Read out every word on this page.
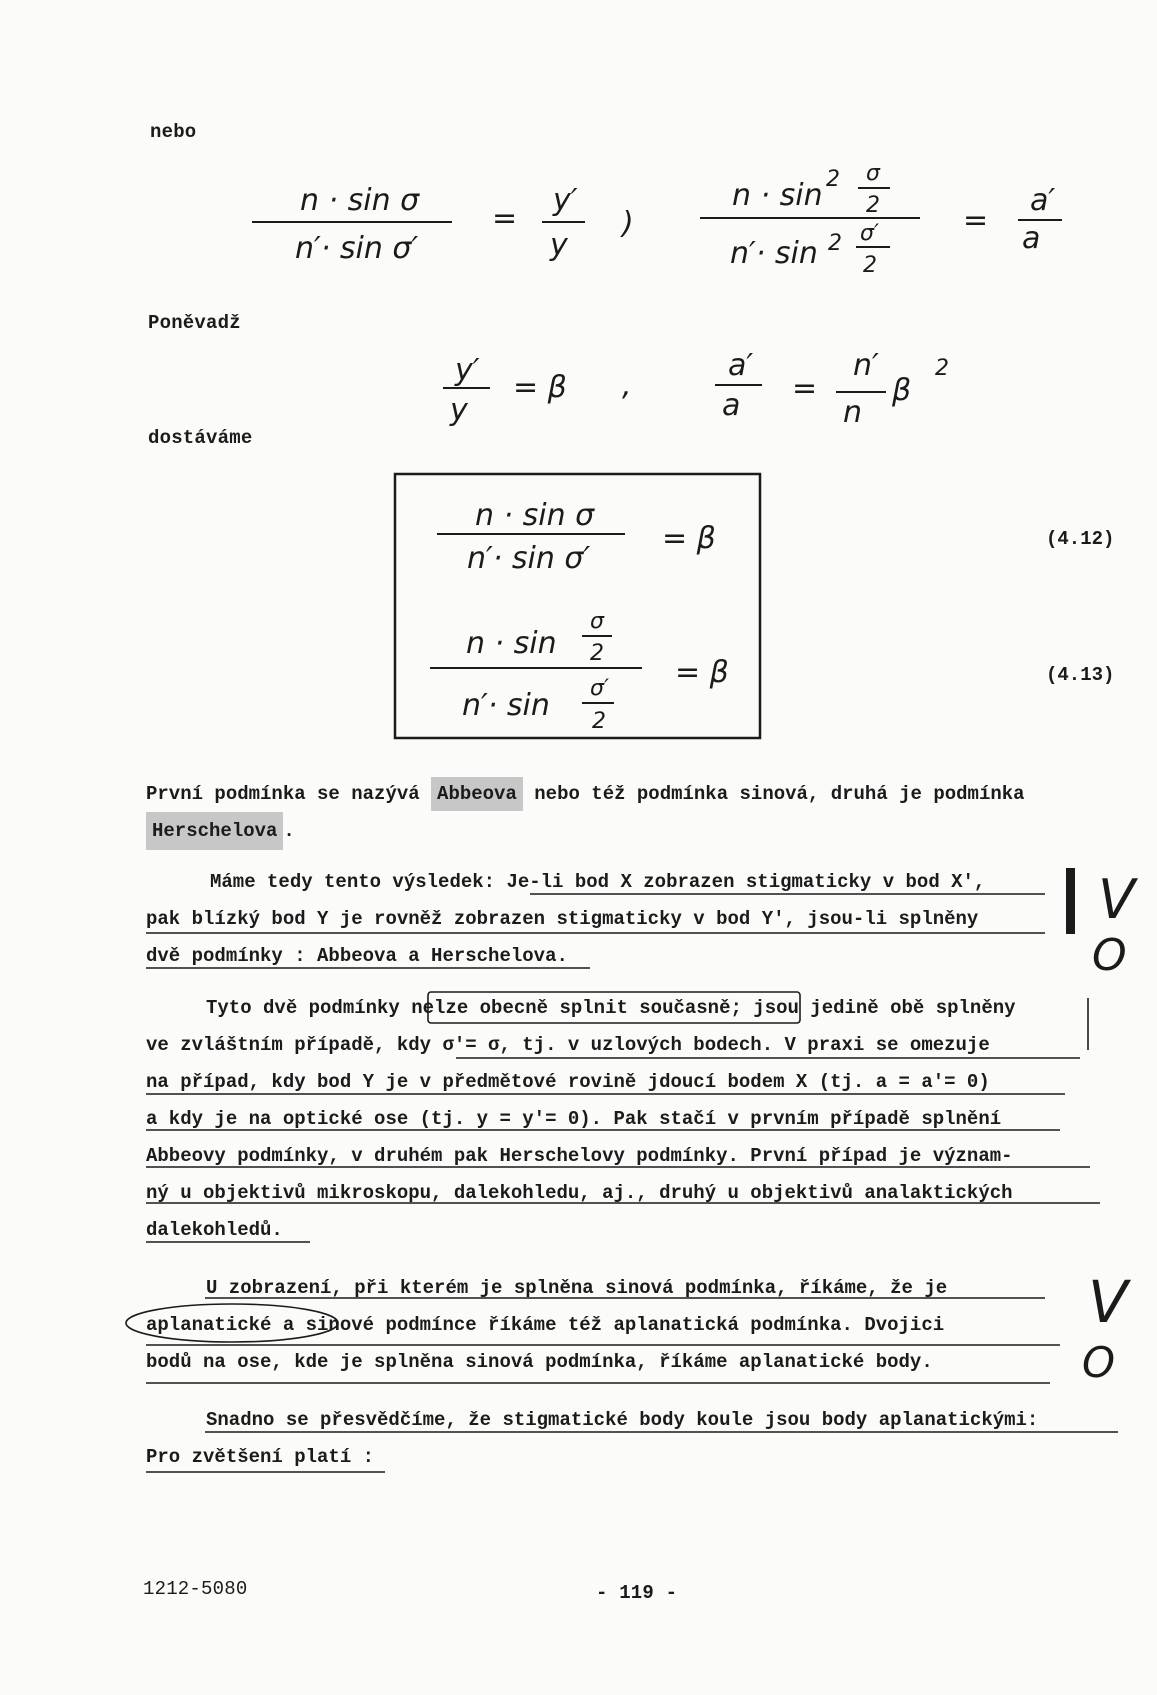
n · sin σ
n′· sin σ′
=
y′
y
)
n · sin 2 σ
2
n′· sin 2 σ′
2
=
a′
a
y′
y
= β ,
a′
a =
n′
n
β
2
n · sin σ
n′· sin σ′
= β
n · sin
σ
2
n′· sin σ′
2
= β
nebo
Poněvadž
dostáváme
(4.12)
(4.13)
První podmínka se nazývá Abbeova nebo též podmínka sinová, druhá je podmínka
Herschelova .
Máme tedy tento výsledek: Je-li bod X zobrazen stigmaticky v bod X′,
pak blízký bod Y je rovněž zobrazen stigmaticky v bod Y′, jsou-li splněny
dvě podmínky : Abbeova a Herschelova.
Tyto dvě podmínky nelze obecně splnit současně; jsou jedině obě splněny
ve zvláštním případě, kdy σ′= σ, tj. v uzlových bodech. V praxi se omezuje
na případ, kdy bod Y je v předmětové rovině jdoucí bodem X (tj. a = a′= 0)
a kdy je na optické ose (tj. y = y′= 0). Pak stačí v prvním případě splnění
Abbeovy podmínky, v druhém pak Herschelovy podmínky. První případ je význam-
ný u objektivů mikroskopu, dalekohledu, aj., druhý u objektivů analaktických
dalekohledů.
U zobrazení, při kterém je splněna sinová podmínka, říkáme, že je
aplanatické a sinové podmínce říkáme též aplanatická podmínka. Dvojici
bodů na ose, kde je splněna sinová podmínka, říkáme aplanatické body.
Snadno se přesvědčíme, že stigmatické body koule jsou body aplanatickými:
Pro zvětšení platí :
V
O
V
O
1212-5080	- 119 -
